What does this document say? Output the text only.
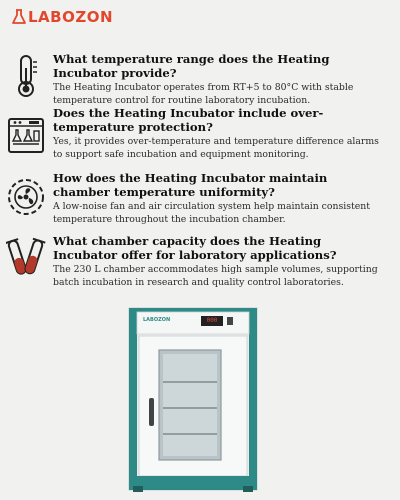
LABOZON
What temperature range does the Heating Incubator provide?
The Heating Incubator operates from RT+5 to 80°C with stable temperature control for routine laboratory incubation.
Does the Heating Incubator include over-temperature protection?
Yes, it provides over-temperature and temperature difference alarms to support safe incubation and equipment monitoring.
How does the Heating Incubator maintain chamber temperature uniformity?
A low-noise fan and air circulation system help maintain consistent temperature throughout the incubation chamber.
What chamber capacity does the Heating Incubator offer for laboratory applications?
The 230 L chamber accommodates high sample volumes, supporting batch incubation in research and quality control laboratories.
LABOZON	000
